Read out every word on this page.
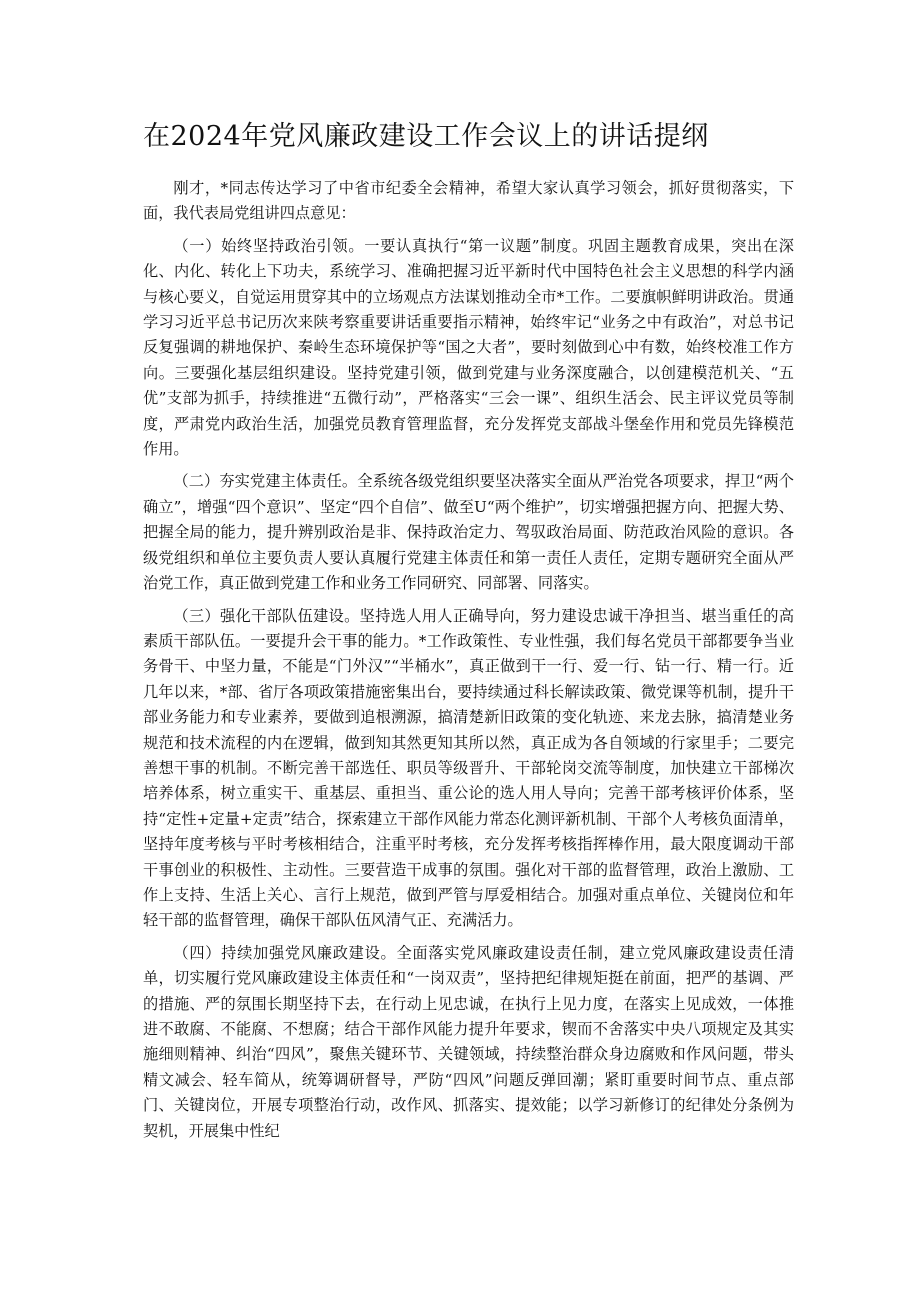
在2024年党风廉政建设工作会议上的讲话提纲

刚才，*同志传达学习了中省市纪委全会精神，希望大家认真学习领会，抓好贯彻落实，下面，我代表局党组讲四点意见：

（一）始终坚持政治引领。一要认真执行“第一议题”制度。巩固主题教育成果，突出在深化、内化、转化上下功夫，系统学习、准确把握习近平新时代中国特色社会主义思想的科学内涵与核心要义，自觉运用贯穿其中的立场观点方法谋划推动全市*工作。二要旗帜鲜明讲政治。贯通学习习近平总书记历次来陕考察重要讲话重要指示精神，始终牢记“业务之中有政治”，对总书记反复强调的耕地保护、秦岭生态环境保护等“国之大者”，要时刻做到心中有数，始终校准工作方向。三要强化基层组织建设。坚持党建引领，做到党建与业务深度融合，以创建模范机关、“五优”支部为抓手，持续推进“五微行动”，严格落实“三会一课”、组织生活会、民主评议党员等制度，严肃党内政治生活，加强党员教育管理监督，充分发挥党支部战斗堡垒作用和党员先锋模范作用。

（二）夯实党建主体责任。全系统各级党组织要坚决落实全面从严治党各项要求，捍卫“两个确立”，增强“四个意识”、坚定“四个自信”、做至U“两个维护”，切实增强把握方向、把握大势、把握全局的能力，提升辨别政治是非、保持政治定力、驾驭政治局面、防范政治风险的意识。各级党组织和单位主要负责人要认真履行党建主体责任和第一责任人责任，定期专题研究全面从严治党工作，真正做到党建工作和业务工作同研究、同部署、同落实。

（三）强化干部队伍建设。坚持选人用人正确导向，努力建设忠诚干净担当、堪当重任的高素质干部队伍。一要提升会干事的能力。*工作政策性、专业性强，我们每名党员干部都要争当业务骨干、中坚力量，不能是“门外汉”“半桶水”，真正做到干一行、爱一行、钻一行、精一行。近几年以来，*部、省厅各项政策措施密集出台，要持续通过科长解读政策、微党课等机制，提升干部业务能力和专业素养，要做到追根溯源，搞清楚新旧政策的变化轨迹、来龙去脉，搞清楚业务规范和技术流程的内在逻辑，做到知其然更知其所以然，真正成为各自领域的行家里手；二要完善想干事的机制。不断完善干部选任、职员等级晋升、干部轮岗交流等制度，加快建立干部梯次培养体系，树立重实干、重基层、重担当、重公论的选人用人导向；完善干部考核评价体系，坚持“定性+定量+定责”结合，探索建立干部作风能力常态化测评新机制、干部个人考核负面清单，坚持年度考核与平时考核相结合，注重平时考核，充分发挥考核指挥棒作用，最大限度调动干部干事创业的积极性、主动性。三要营造干成事的氛围。强化对干部的监督管理，政治上激励、工作上支持、生活上关心、言行上规范，做到严管与厚爱相结合。加强对重点单位、关键岗位和年轻干部的监督管理，确保干部队伍风清气正、充满活力。

（四）持续加强党风廉政建设。全面落实党风廉政建设责任制，建立党风廉政建设责任清单，切实履行党风廉政建设主体责任和“一岗双责”，坚持把纪律规矩挺在前面，把严的基调、严的措施、严的氛围长期坚持下去，在行动上见忠诚，在执行上见力度，在落实上见成效，一体推进不敢腐、不能腐、不想腐；结合干部作风能力提升年要求，锲而不舍落实中央八项规定及其实施细则精神、纠治“四风”，聚焦关键环节、关键领域，持续整治群众身边腐败和作风问题，带头精文减会、轻车简从，统筹调研督导，严防“四风”问题反弹回潮；紧盯重要时间节点、重点部门、关键岗位，开展专项整治行动，改作风、抓落实、提效能；以学习新修订的纪律处分条例为契机，开展集中性纪
